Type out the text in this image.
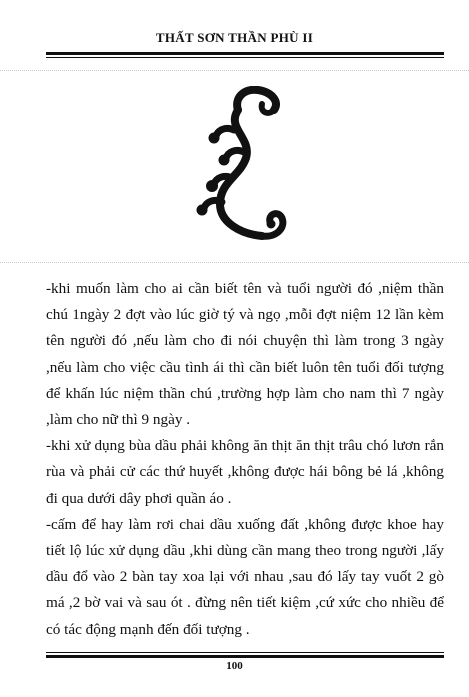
THẤT SƠN THẦN PHÙ II

-khi muốn làm cho ai cần biết tên và tuổi người đó ,niệm thần chú 1ngày 2 đợt vào lúc giờ tý và ngọ ,mỗi đợt niệm 12 lần kèm tên người đó ,nếu làm cho đi nói chuyện thì làm trong 3 ngày ,nếu làm cho việc cầu tình ái thì cần biết luôn tên tuổi đối tượng để khấn lúc niệm thần chú ,trường hợp làm cho nam thì 7 ngày ,làm cho nữ thì 9 ngày .

-khi xử dụng bùa dầu phải không ăn thịt ăn thịt trâu chó lươn rắn rùa và phải cử các thứ huyết ,không được hái bông bẻ lá ,không đi qua dưới dây phơi quần áo .

-cấm để hay làm rơi chai dầu xuống đất ,không được khoe hay tiết lộ lúc xử dụng dầu ,khi dùng cần mang theo trong người ,lấy dầu đổ vào 2 bàn tay xoa lại với nhau ,sau đó lấy tay vuốt 2 gò má ,2 bờ vai và sau ót . đừng nên tiết kiệm ,cứ xức cho nhiều để có tác động mạnh đến đối tượng .

100
